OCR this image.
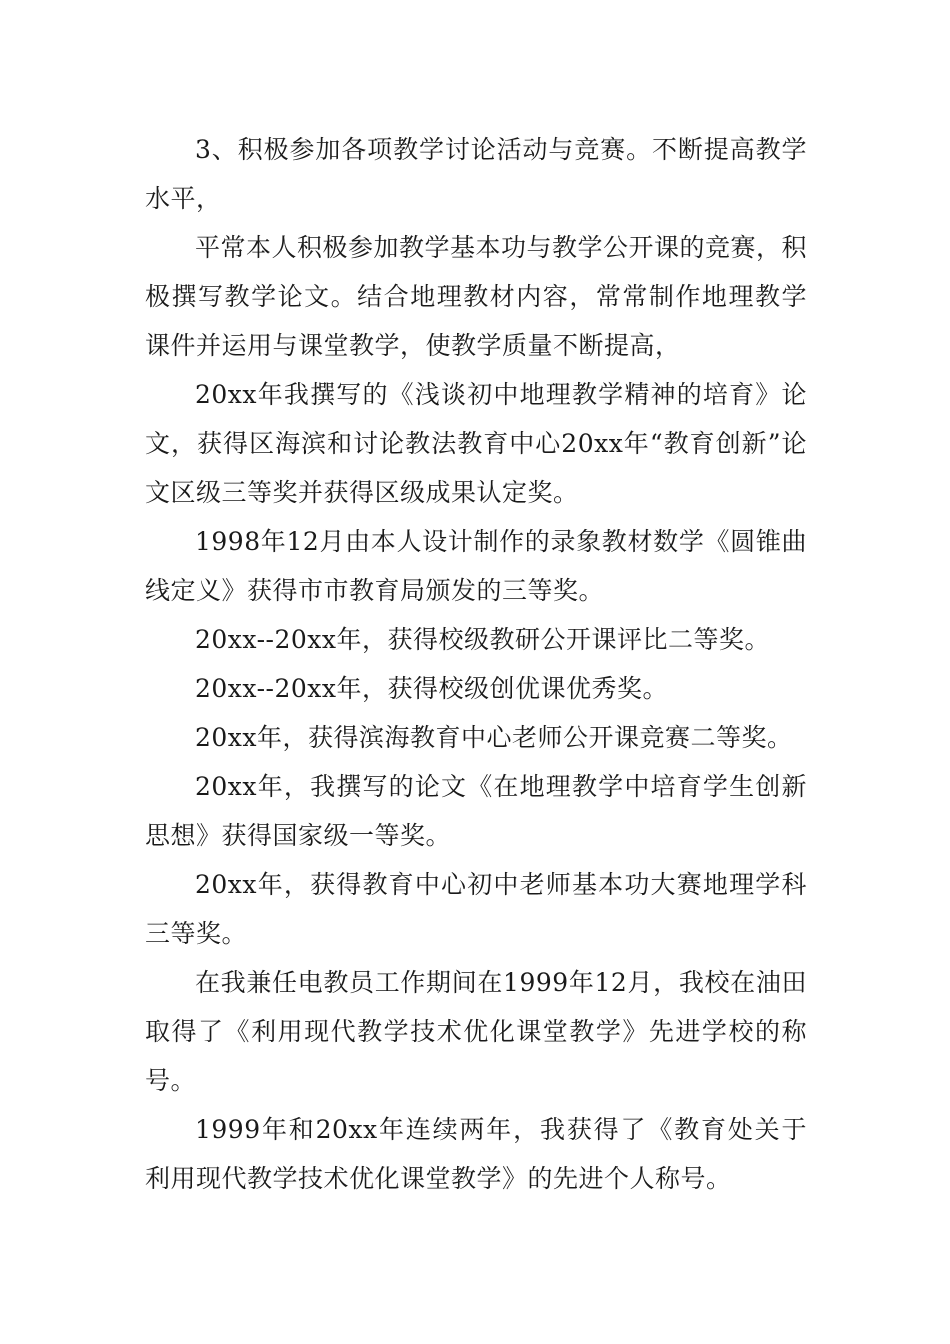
3、积极参加各项教学讨论活动与竞赛。不断提高教学水平，

平常本人积极参加教学基本功与教学公开课的竞赛，积极撰写教学论文。结合地理教材内容，常常制作地理教学课件并运用与课堂教学，使教学质量不断提高，

20xx年我撰写的《浅谈初中地理教学精神的培育》论文，获得区海滨和讨论教法教育中心20xx年“教育创新”论文区级三等奖并获得区级成果认定奖。

1998年12月由本人设计制作的录象教材数学《圆锥曲线定义》获得市市教育局颁发的三等奖。

20xx--20xx年，获得校级教研公开课评比二等奖。

20xx--20xx年，获得校级创优课优秀奖。

20xx年，获得滨海教育中心老师公开课竞赛二等奖。

20xx年，我撰写的论文《在地理教学中培育学生创新思想》获得国家级一等奖。

20xx年，获得教育中心初中老师基本功大赛地理学科三等奖。

在我兼任电教员工作期间在1999年12月，我校在油田取得了《利用现代教学技术优化课堂教学》先进学校的称号。

1999年和20xx年连续两年，我获得了《教育处关于利用现代教学技术优化课堂教学》的先进个人称号。
